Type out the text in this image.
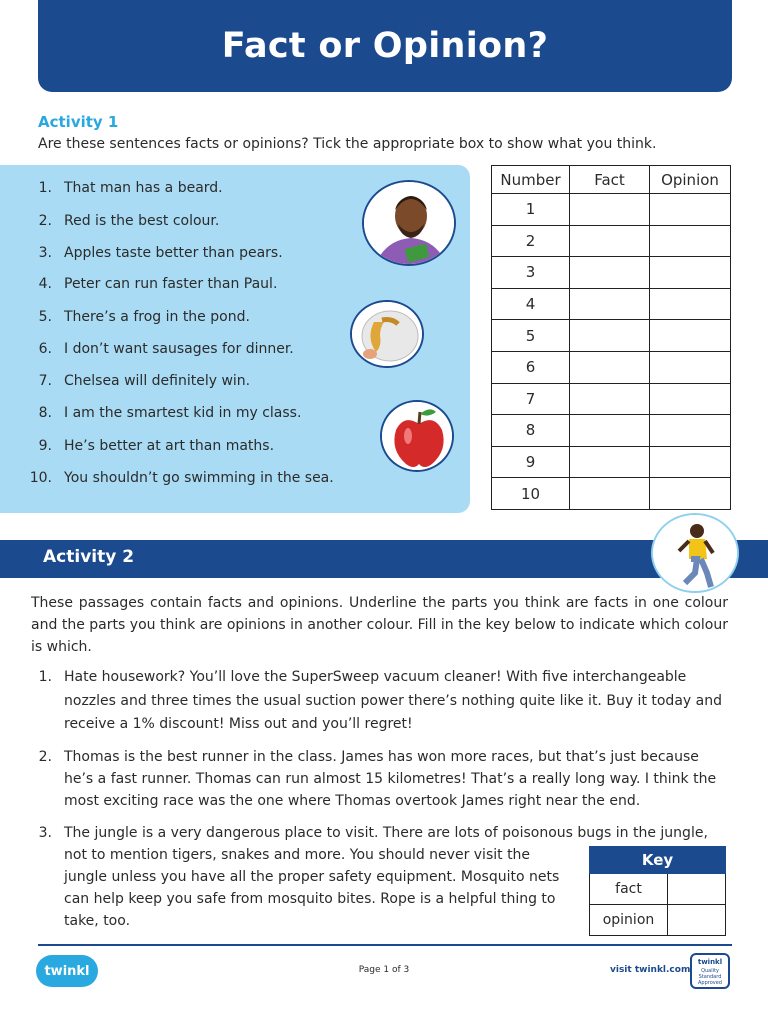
Fact or Opinion?
Activity 1
Are these sentences facts or opinions? Tick the appropriate box to show what you think.
1. That man has a beard.
2. Red is the best colour.
3. Apples taste better than pears.
4. Peter can run faster than Paul.
5. There’s a frog in the pond.
6. I don’t want sausages for dinner.
7. Chelsea will definitely win.
8. I am the smartest kid in my class.
9. He’s better at art than maths.
10. You shouldn’t go swimming in the sea.
Number	Fact	Opinion
1		
2		
3		
4		
5		
6		
7		
8		
9		
10		
Activity 2
These passages contain facts and opinions. Underline the parts you think are facts in one colour and the parts you think are opinions in another colour. Fill in the key below to indicate which colour is which.
1. Hate housework? You’ll love the SuperSweep vacuum cleaner! With five interchangeable nozzles and three times the usual suction power there’s nothing quite like it. Buy it today and receive a 1% discount! Miss out and you’ll regret!
2. Thomas is the best runner in the class. James has won more races, but that’s just because he’s a fast runner. Thomas can run almost 15 kilometres! That’s a really long way. I think the most exciting race was the one where Thomas overtook James right near the end.
3. The jungle is a very dangerous place to visit. There are lots of poisonous bugs in the jungle,
not to mention tigers, snakes and more. You should never visit the jungle unless you have all the proper safety equipment. Mosquito nets can help keep you safe from mosquito bites. Rope is a helpful thing to take, too.
Key	
fact	
opinion	
twinkl	Page 1 of 3	visit twinkl.com
twinkl
Quality Standard Approved
